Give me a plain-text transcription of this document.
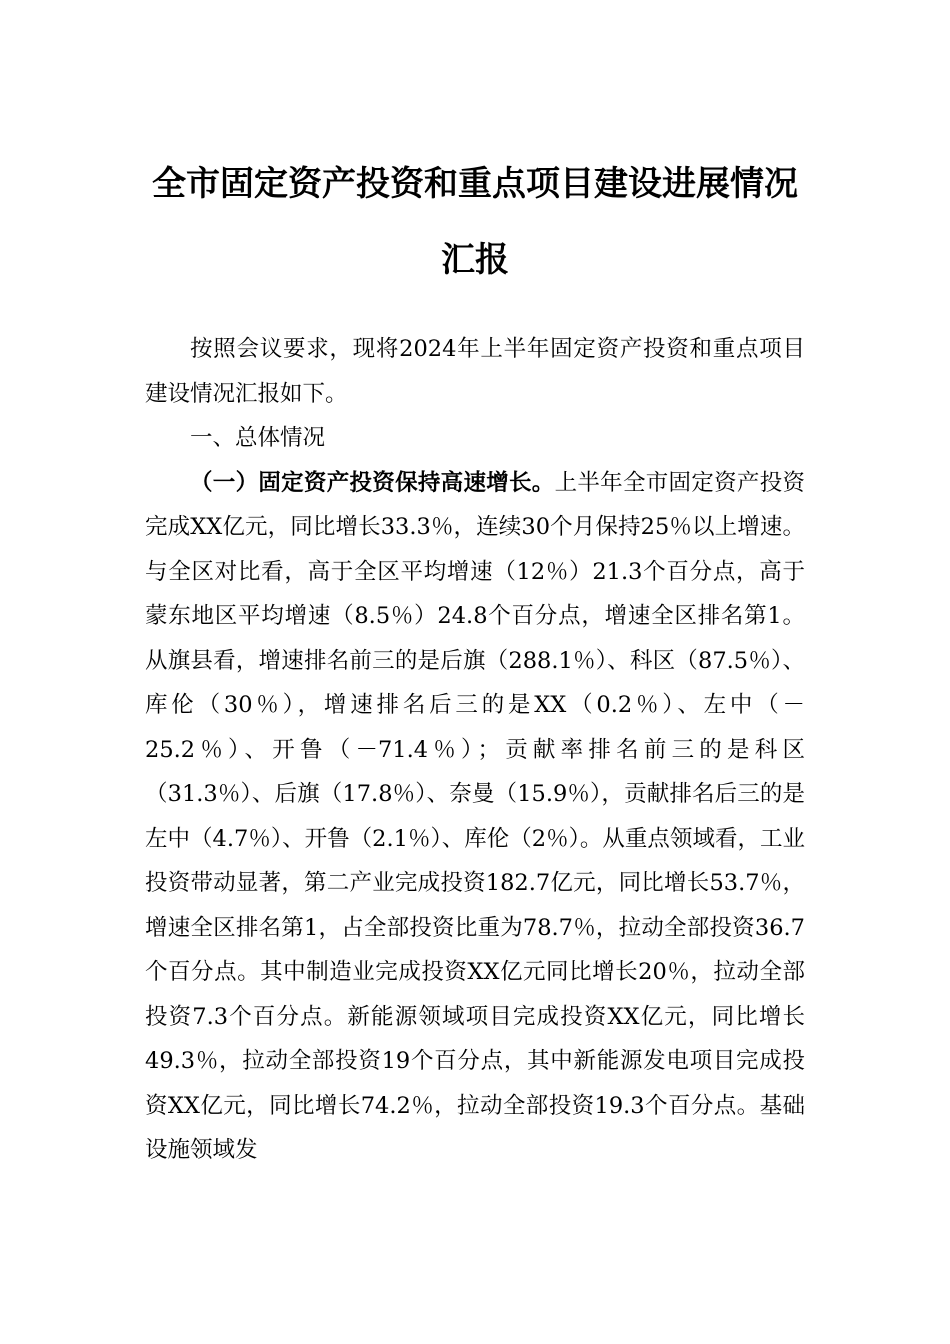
全市固定资产投资和重点项目建设进展情况汇报

按照会议要求，现将2024年上半年固定资产投资和重点项目建设情况汇报如下。

一、总体情况

（一）固定资产投资保持高速增长。上半年全市固定资产投资完成XX亿元，同比增长33.3％，连续30个月保持25％以上增速。与全区对比看，高于全区平均增速（12％）21.3个百分点，高于蒙东地区平均增速（8.5％）24.8个百分点，增速全区排名第1。从旗县看，增速排名前三的是后旗（288.1％）、科区（87.5％）、库伦（30％），增速排名后三的是XX（0.2％）、左中（－25.2％）、开鲁（－71.4％）；贡献率排名前三的是科区（31.3％）、后旗（17.8％）、奈曼（15.9％），贡献排名后三的是左中（4.7％）、开鲁（2.1％）、库伦（2％）。从重点领域看，工业投资带动显著，第二产业完成投资182.7亿元，同比增长53.7％，增速全区排名第1，占全部投资比重为78.7％，拉动全部投资36.7个百分点。其中制造业完成投资XX亿元同比增长20％，拉动全部投资7.3个百分点。新能源领域项目完成投资XX亿元，同比增长49.3％，拉动全部投资19个百分点，其中新能源发电项目完成投资XX亿元，同比增长74.2％，拉动全部投资19.3个百分点。基础设施领域发
